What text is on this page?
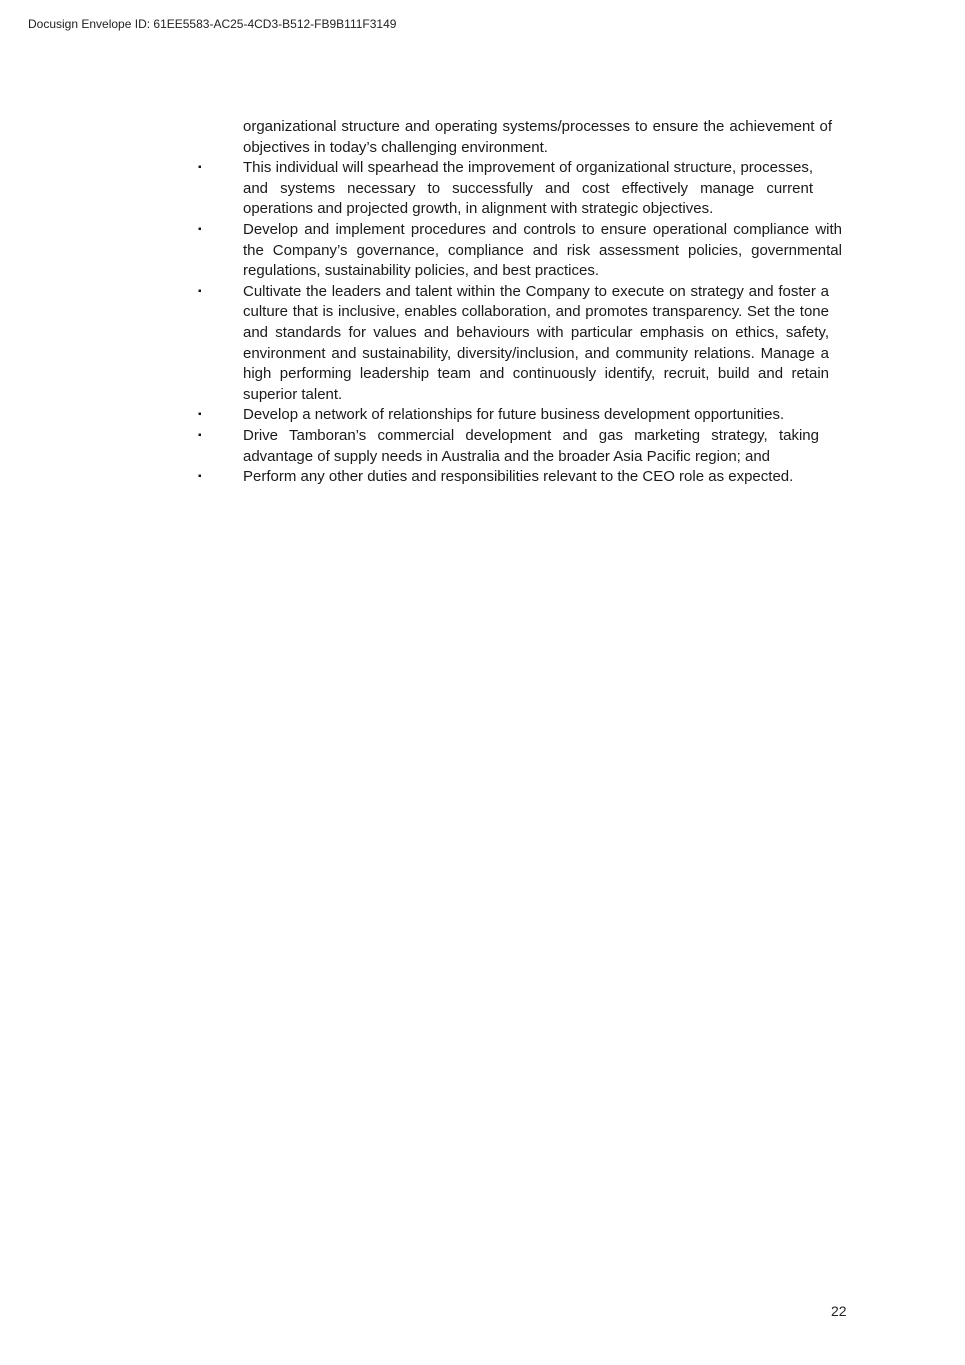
Docusign Envelope ID: 61EE5583-AC25-4CD3-B512-FB9B111F3149

organizational structure and operating systems/processes to ensure the achievement of objectives in today’s challenging environment.

▪	This individual will spearhead the improvement of organizational structure, processes, and systems necessary to successfully and cost effectively manage current operations and projected growth, in alignment with strategic objectives.
▪	Develop and implement procedures and controls to ensure operational compliance with the Company’s governance, compliance and risk assessment policies, governmental regulations, sustainability policies, and best practices.
▪	Cultivate the leaders and talent within the Company to execute on strategy and foster a culture that is inclusive, enables collaboration, and promotes transparency. Set the tone and standards for values and behaviours with particular emphasis on ethics, safety, environment and sustainability, diversity/inclusion, and community relations. Manage a high performing leadership team and continuously identify, recruit, build and retain superior talent.
▪	Develop a network of relationships for future business development opportunities.
▪	Drive Tamboran’s commercial development and gas marketing strategy, taking advantage of supply needs in Australia and the broader Asia Pacific region; and
▪	Perform any other duties and responsibilities relevant to the CEO role as expected.
22
